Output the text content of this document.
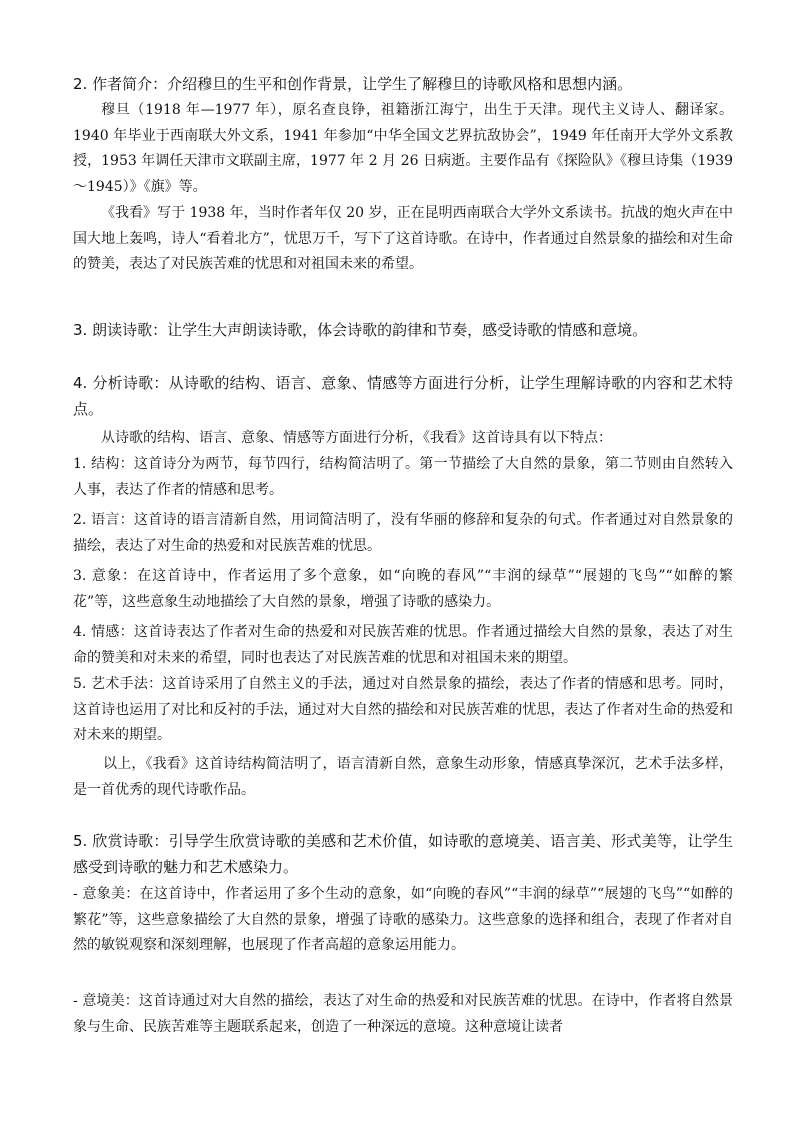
2. 作者简介：介绍穆旦的生平和创作背景，让学生了解穆旦的诗歌风格和思想内涵。

穆旦（1918 年—1977 年），原名查良铮，祖籍浙江海宁，出生于天津。现代主义诗人、翻译家。1940 年毕业于西南联大外文系，1941 年参加“中华全国文艺界抗敌协会”，1949 年任南开大学外文系教授，1953 年调任天津市文联副主席，1977 年 2 月 26 日病逝。主要作品有《探险队》《穆旦诗集（1939～1945）》《旗》等。

《我看》写于 1938 年，当时作者年仅 20 岁，正在昆明西南联合大学外文系读书。抗战的炮火声在中国大地上轰鸣，诗人“看着北方”，忧思万千，写下了这首诗歌。在诗中，作者通过自然景象的描绘和对生命的赞美，表达了对民族苦难的忧思和对祖国未来的希望。

3. 朗读诗歌：让学生大声朗读诗歌，体会诗歌的韵律和节奏，感受诗歌的情感和意境。

4. 分析诗歌：从诗歌的结构、语言、意象、情感等方面进行分析，让学生理解诗歌的内容和艺术特点。

从诗歌的结构、语言、意象、情感等方面进行分析，《我看》这首诗具有以下特点：

1. 结构：这首诗分为两节，每节四行，结构简洁明了。第一节描绘了大自然的景象，第二节则由自然转入人事，表达了作者的情感和思考。

2. 语言：这首诗的语言清新自然，用词简洁明了，没有华丽的修辞和复杂的句式。作者通过对自然景象的描绘，表达了对生命的热爱和对民族苦难的忧思。

3. 意象：在这首诗中，作者运用了多个意象，如“向晚的春风”“丰润的绿草”“展翅的飞鸟”“如醉的繁花”等，这些意象生动地描绘了大自然的景象，增强了诗歌的感染力。

4. 情感：这首诗表达了作者对生命的热爱和对民族苦难的忧思。作者通过描绘大自然的景象，表达了对生命的赞美和对未来的希望，同时也表达了对民族苦难的忧思和对祖国未来的期望。

5. 艺术手法：这首诗采用了自然主义的手法，通过对自然景象的描绘，表达了作者的情感和思考。同时，这首诗也运用了对比和反衬的手法，通过对大自然的描绘和对民族苦难的忧思，表达了作者对生命的热爱和对未来的期望。

以上，《我看》这首诗结构简洁明了，语言清新自然，意象生动形象，情感真挚深沉，艺术手法多样，是一首优秀的现代诗歌作品。

5. 欣赏诗歌：引导学生欣赏诗歌的美感和艺术价值，如诗歌的意境美、语言美、形式美等，让学生感受到诗歌的魅力和艺术感染力。

- 意象美：在这首诗中，作者运用了多个生动的意象，如“向晚的春风”“丰润的绿草”“展翅的飞鸟”“如醉的繁花”等，这些意象描绘了大自然的景象，增强了诗歌的感染力。这些意象的选择和组合，表现了作者对自然的敏锐观察和深刻理解，也展现了作者高超的意象运用能力。

- 意境美：这首诗通过对大自然的描绘，表达了对生命的热爱和对民族苦难的忧思。在诗中，作者将自然景象与生命、民族苦难等主题联系起来，创造了一种深远的意境。这种意境让读者
